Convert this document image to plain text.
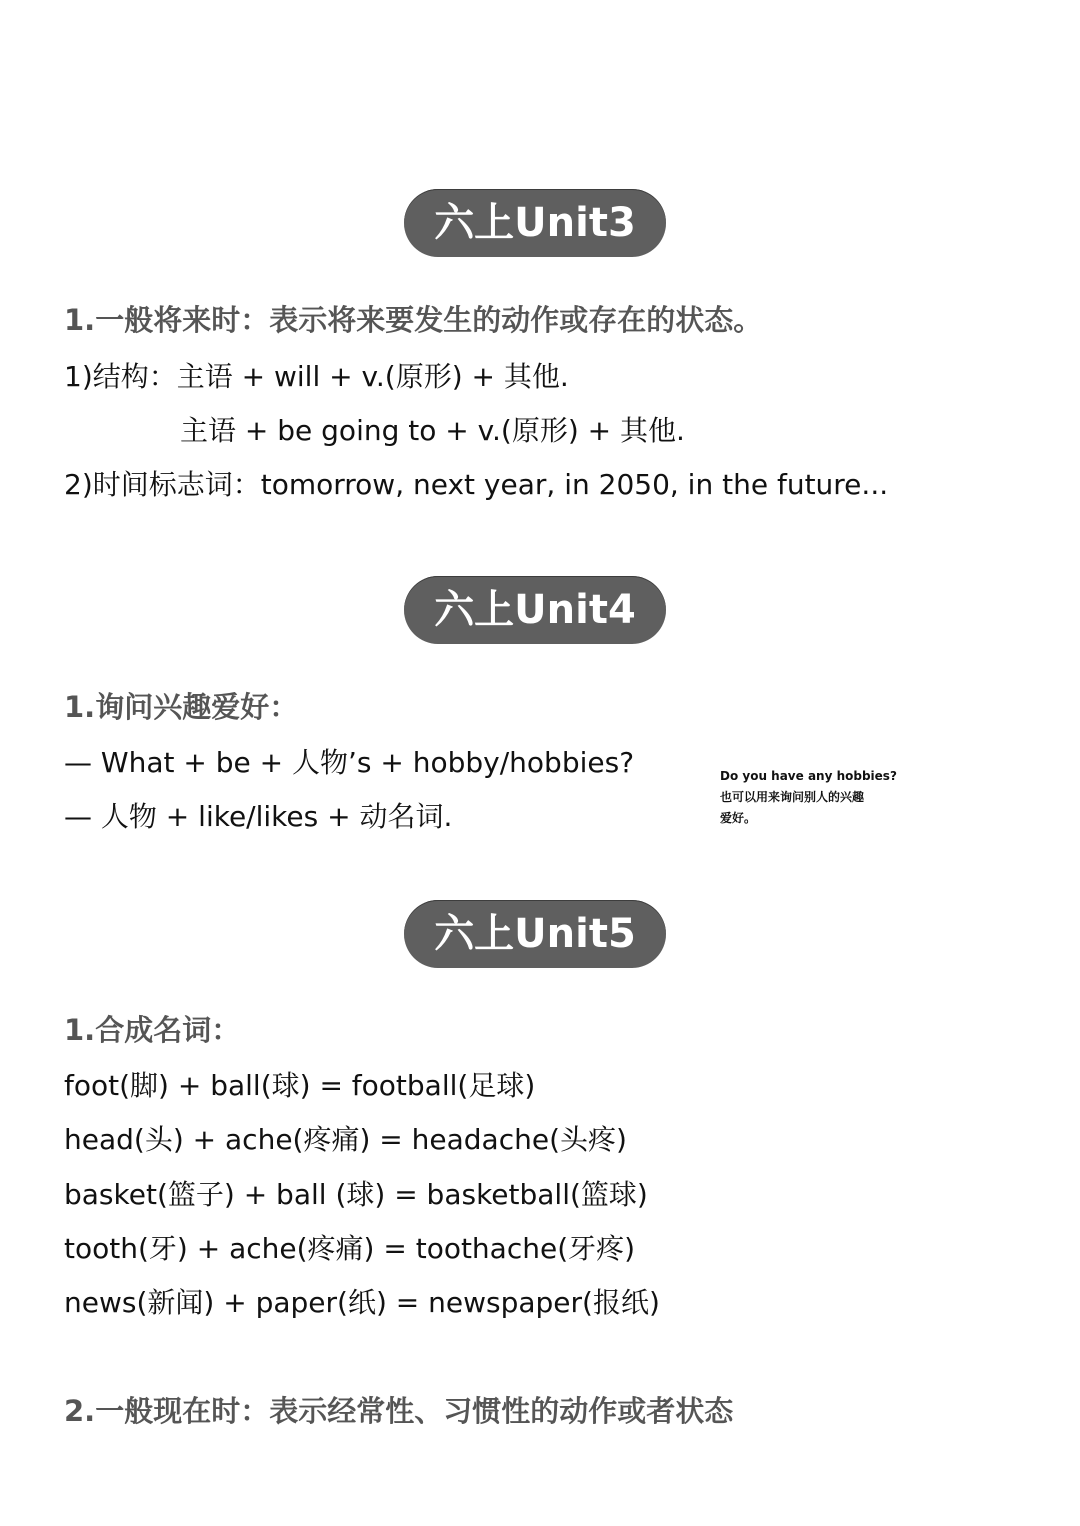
六上Unit3
1.一般将来时：表示将来要发生的动作或存在的状态。
1)结构：主语 + will + v.(原形) + 其他.
主语 + be going to + v.(原形) + 其他.
2)时间标志词：tomorrow, next year, in 2050, in the future...
六上Unit4
1.询问兴趣爱好：
— What + be + 人物’s + hobby/hobbies?
— 人物 + like/likes + 动名词.
Do you have any hobbies?
也可以用来询问别人的兴趣
爱好。
六上Unit5
1.合成名词：
foot(脚) + ball(球) = football(足球)
head(头) + ache(疼痛) = headache(头疼)
basket(篮子) + ball (球) = basketball(篮球)
tooth(牙) + ache(疼痛) = toothache(牙疼)
news(新闻) + paper(纸) = newspaper(报纸)
2.一般现在时：表示经常性、习惯性的动作或者状态
